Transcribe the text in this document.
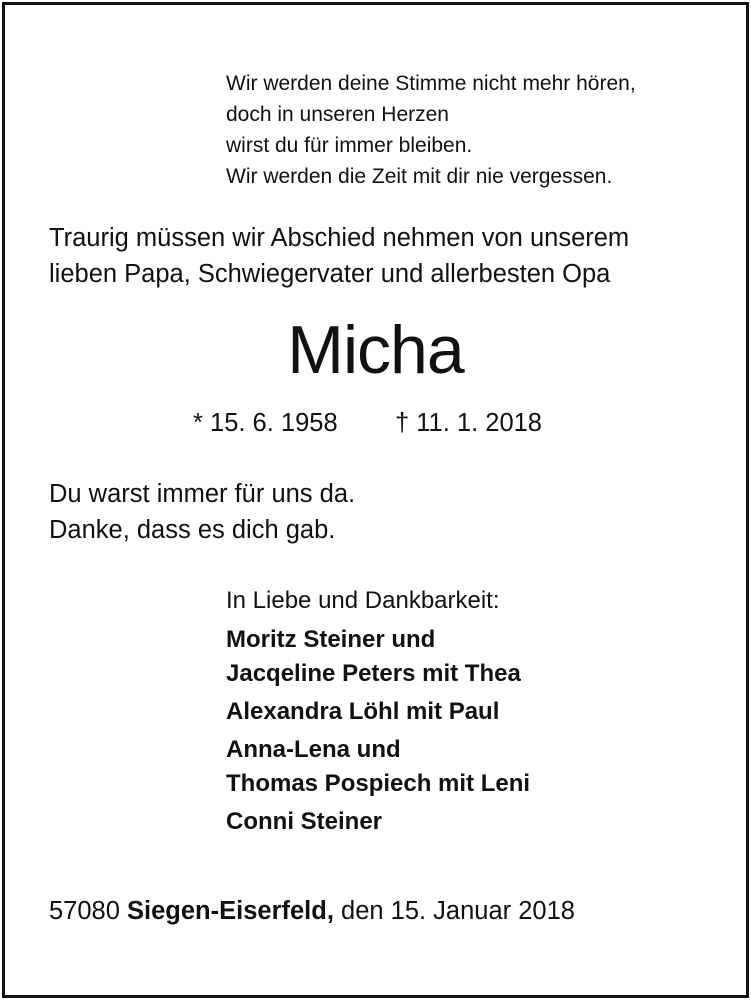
Wir werden deine Stimme nicht mehr hören,
doch in unseren Herzen
wirst du für immer bleiben.
Wir werden die Zeit mit dir nie vergessen.
Traurig müssen wir Abschied nehmen von unserem
lieben Papa, Schwiegervater und allerbesten Opa
Micha
* 15. 6. 1958 † 11. 1. 2018
Du warst immer für uns da.
Danke, dass es dich gab.
In Liebe und Dankbarkeit:
Moritz Steiner und
Jacqeline Peters mit Thea
Alexandra Löhl mit Paul
Anna-Lena und
Thomas Pospiech mit Leni
Conni Steiner
57080 Siegen-Eiserfeld, den 15. Januar 2018
